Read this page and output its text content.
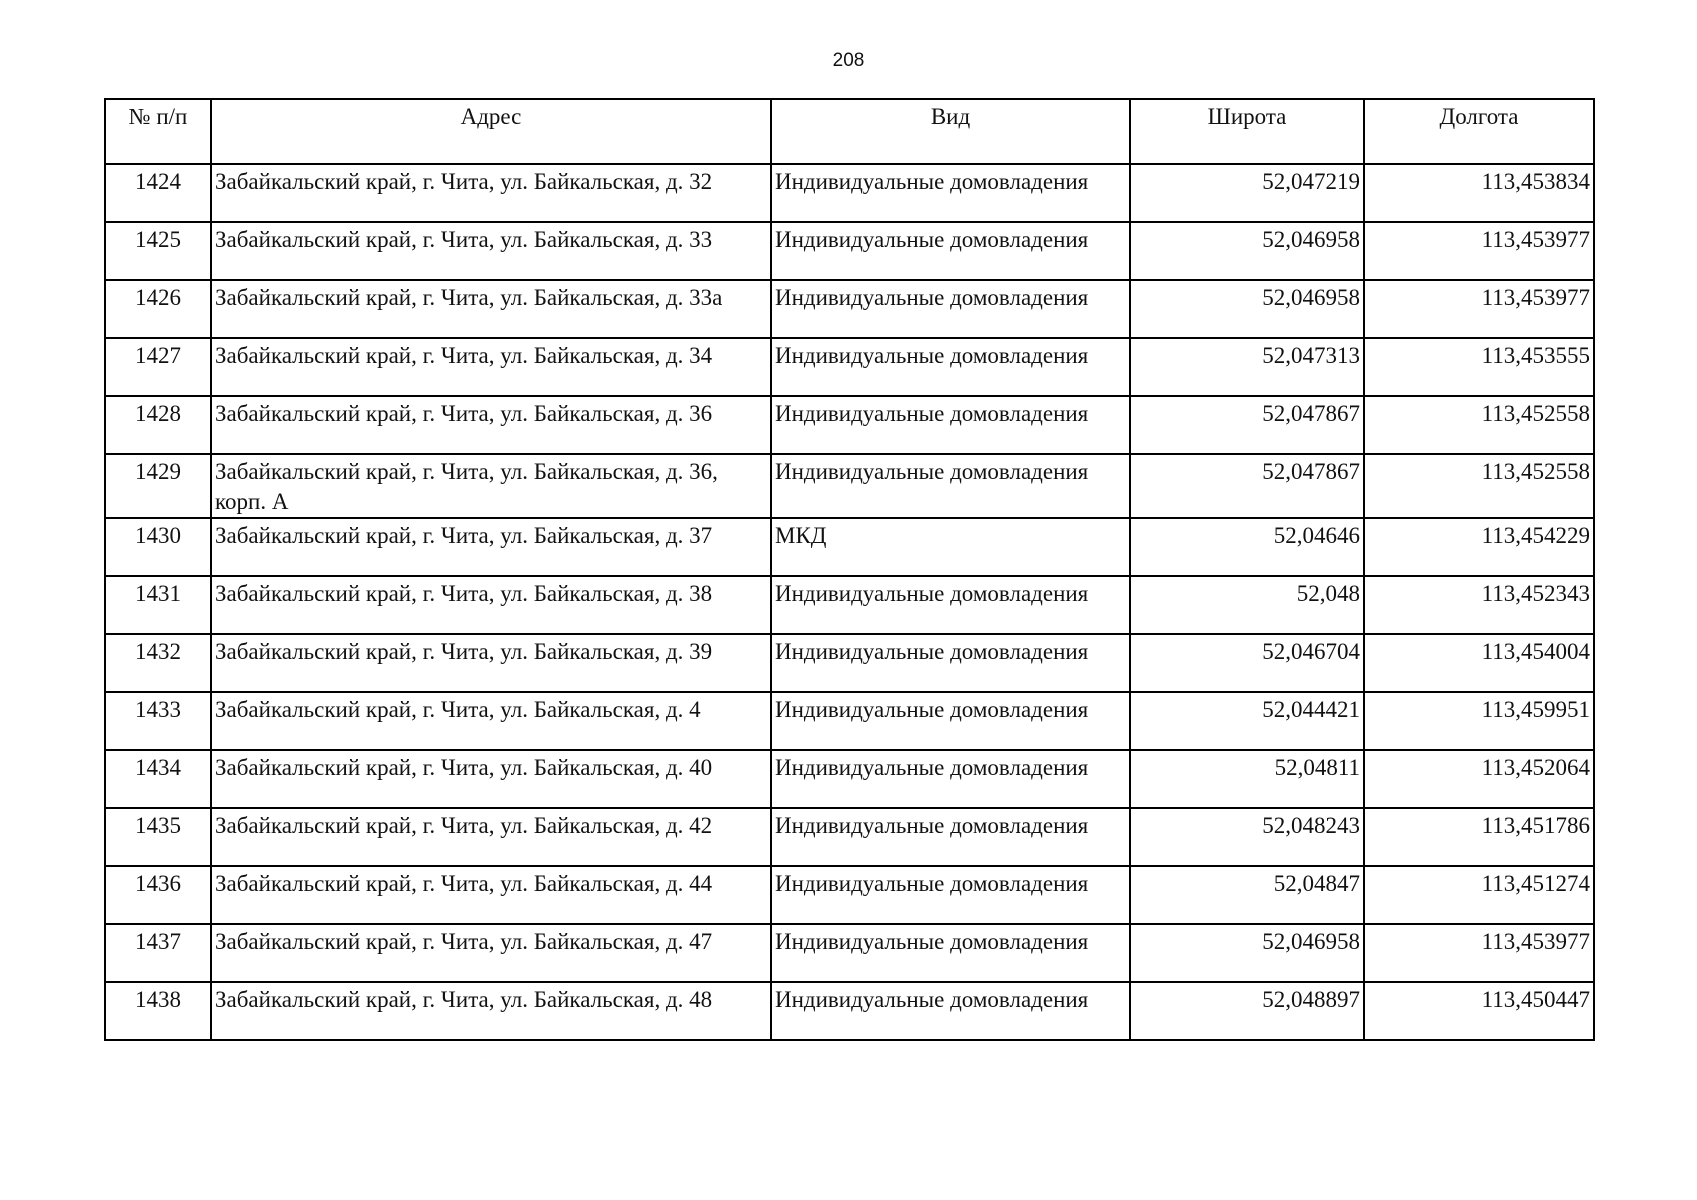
208
№ п/п	Адрес	Вид	Широта	Долгота
1424	Забайкальский край, г. Чита, ул. Байкальская, д. 32	Индивидуальные домовладения	52,047219	113,453834
1425	Забайкальский край, г. Чита, ул. Байкальская, д. 33	Индивидуальные домовладения	52,046958	113,453977
1426	Забайкальский край, г. Чита, ул. Байкальская, д. 33а	Индивидуальные домовладения	52,046958	113,453977
1427	Забайкальский край, г. Чита, ул. Байкальская, д. 34	Индивидуальные домовладения	52,047313	113,453555
1428	Забайкальский край, г. Чита, ул. Байкальская, д. 36	Индивидуальные домовладения	52,047867	113,452558
1429	Забайкальский край, г. Чита, ул. Байкальская, д. 36, корп. А	Индивидуальные домовладения	52,047867	113,452558
1430	Забайкальский край, г. Чита, ул. Байкальская, д. 37	МКД	52,04646	113,454229
1431	Забайкальский край, г. Чита, ул. Байкальская, д. 38	Индивидуальные домовладения	52,048	113,452343
1432	Забайкальский край, г. Чита, ул. Байкальская, д. 39	Индивидуальные домовладения	52,046704	113,454004
1433	Забайкальский край, г. Чита, ул. Байкальская, д. 4	Индивидуальные домовладения	52,044421	113,459951
1434	Забайкальский край, г. Чита, ул. Байкальская, д. 40	Индивидуальные домовладения	52,04811	113,452064
1435	Забайкальский край, г. Чита, ул. Байкальская, д. 42	Индивидуальные домовладения	52,048243	113,451786
1436	Забайкальский край, г. Чита, ул. Байкальская, д. 44	Индивидуальные домовладения	52,04847	113,451274
1437	Забайкальский край, г. Чита, ул. Байкальская, д. 47	Индивидуальные домовладения	52,046958	113,453977
1438	Забайкальский край, г. Чита, ул. Байкальская, д. 48	Индивидуальные домовладения	52,048897	113,450447
